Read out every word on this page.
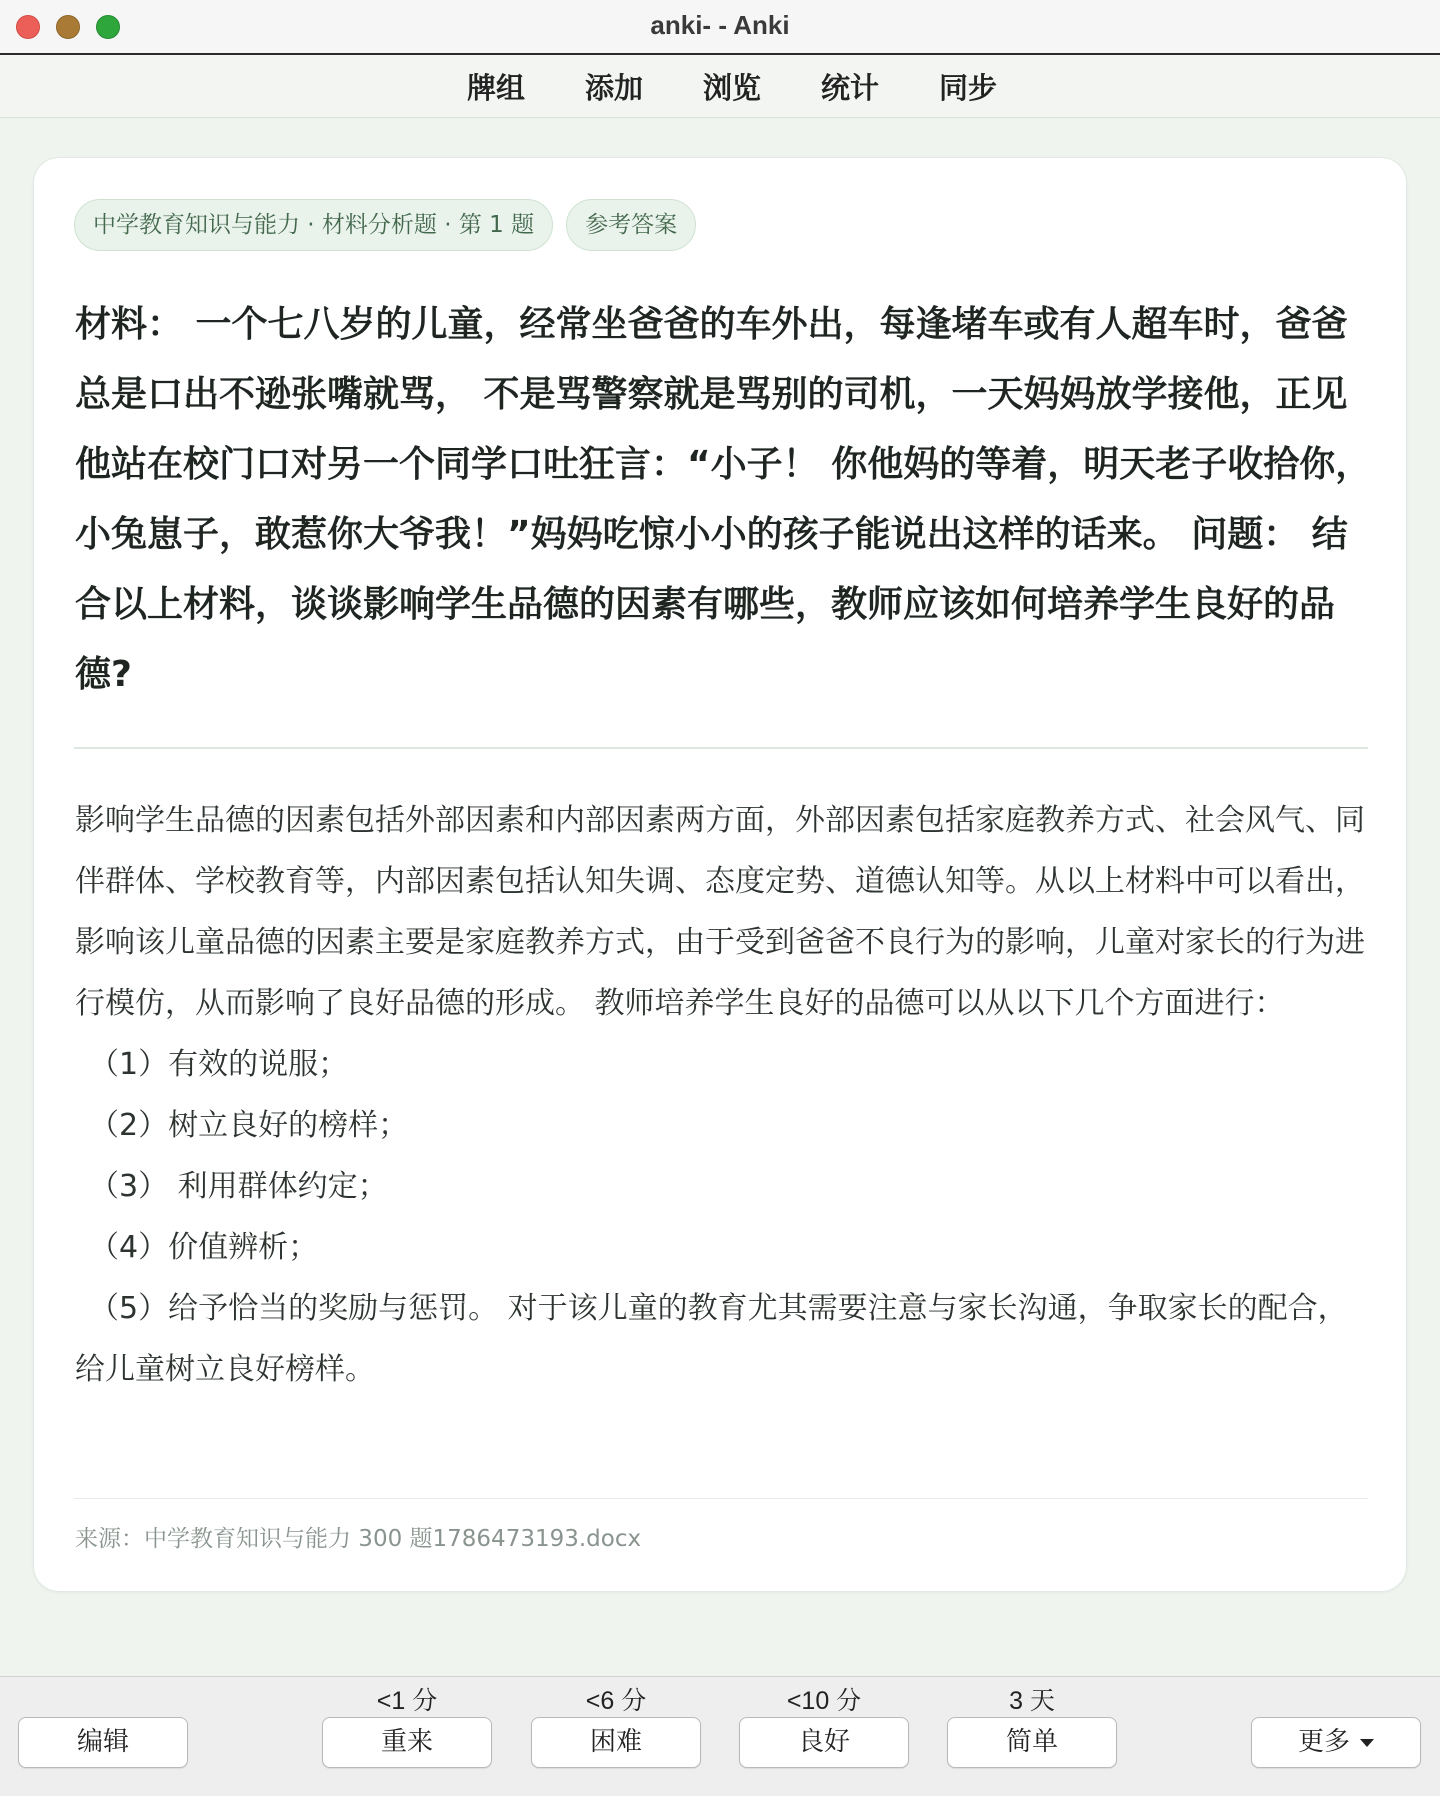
anki- - Anki
牌组 添加 浏览 统计 同步
中学教育知识与能力 · 材料分析题 · 第 1 题	参考答案

材料： 一个七八岁的儿童，经常坐爸爸的车外出，每逢堵车或有人超车时，爸爸总是口出不逊张嘴就骂， 不是骂警察就是骂别的司机，一天妈妈放学接他，正见他站在校门口对另一个同学口吐狂言：“小子！ 你他妈的等着，明天老子收拾你，小兔崽子，敢惹你大爷我！”妈妈吃惊小小的孩子能说出这样的话来。 问题： 结合以上材料，谈谈影响学生品德的因素有哪些，教师应该如何培养学生良好的品德?

影响学生品德的因素包括外部因素和内部因素两方面，外部因素包括家庭教养方式、社会风气、同伴群体、学校教育等，内部因素包括认知失调、态度定势、道德认知等。从以上材料中可以看出，影响该儿童品德的因素主要是家庭教养方式，由于受到爸爸不良行为的影响，儿童对家长的行为进行模仿，从而影响了良好品德的形成。 教师培养学生良好的品德可以从以下几个方面进行：

（1）有效的说服；

（2）树立良好的榜样；

（3） 利用群体约定；

（4）价值辨析；

（5）给予恰当的奖励与惩罚。 对于该儿童的教育尤其需要注意与家长沟通，争取家长的配合，给儿童树立良好榜样。

来源：中学教育知识与能力 300 题1786473193.docx
编辑
<1 分
重来
<6 分
困难
<10 分
良好
3 天
简单	更多
